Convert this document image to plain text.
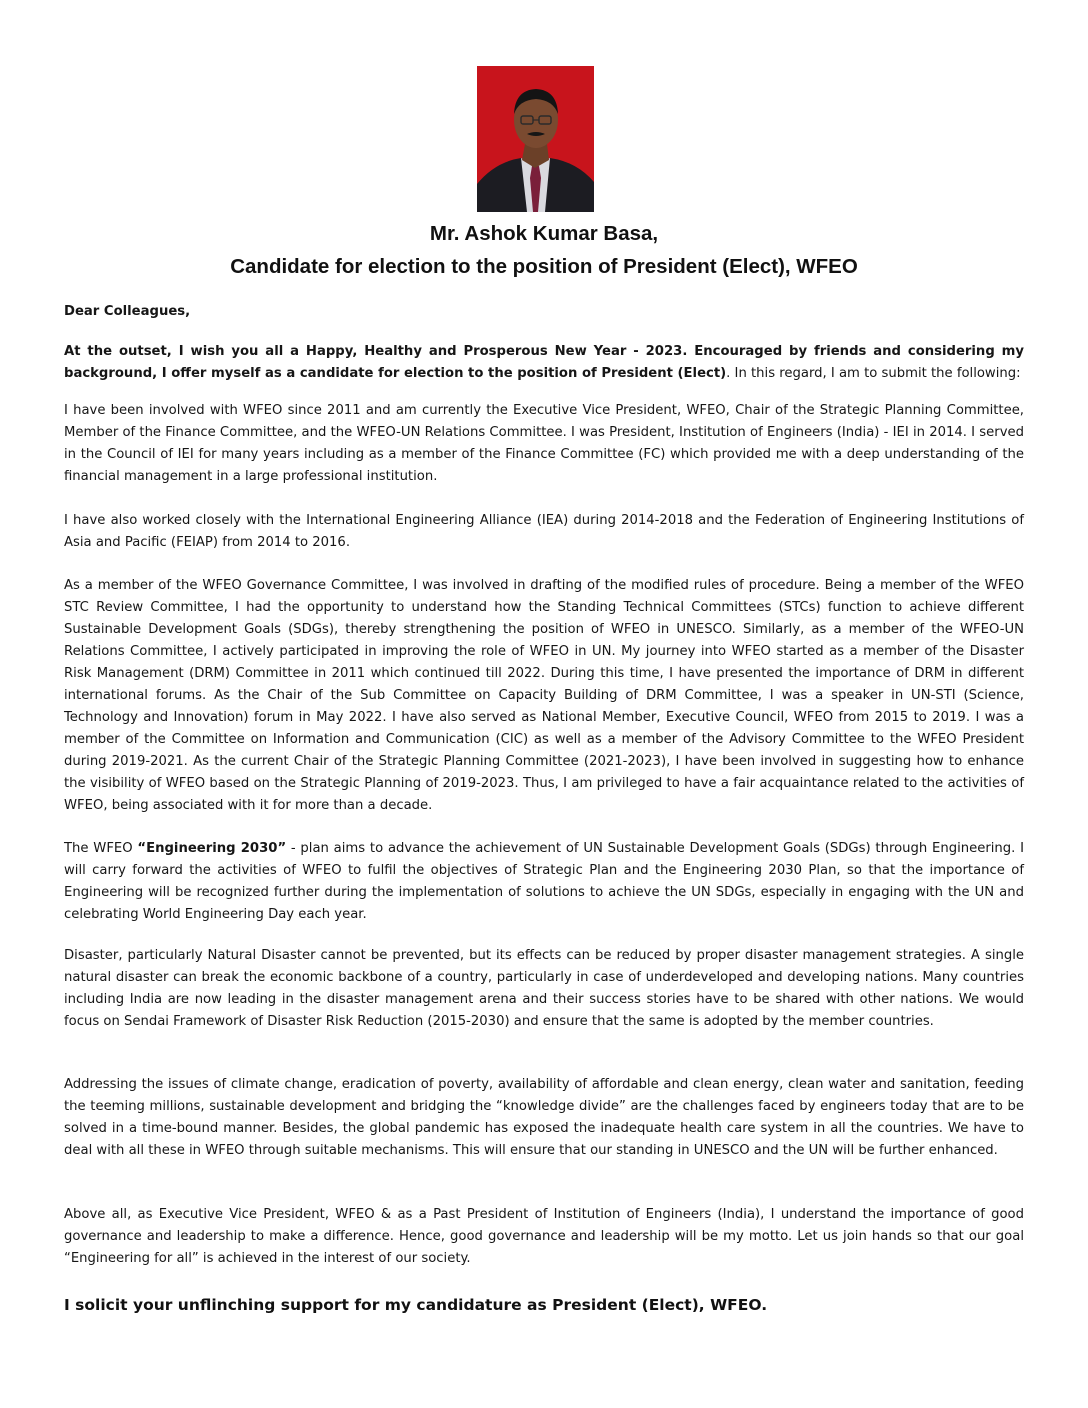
Mr. Ashok Kumar Basa,
Candidate for election to the position of President (Elect), WFEO
Dear Colleagues,
At the outset, I wish you all a Happy, Healthy and Prosperous New Year - 2023. Encouraged by friends and considering my background, I offer myself as a candidate for election to the position of President (Elect). In this regard, I am to submit the following:
I have been involved with WFEO since 2011 and am currently the Executive Vice President, WFEO, Chair of the Strategic Planning Committee, Member of the Finance Committee, and the WFEO-UN Relations Committee. I was President, Institution of Engineers (India) - IEI in 2014. I served in the Council of IEI for many years including as a member of the Finance Committee (FC) which provided me with a deep understanding of the financial management in a large professional institution.
I have also worked closely with the International Engineering Alliance (IEA) during 2014-2018 and the Federation of Engineering Institutions of Asia and Pacific (FEIAP) from 2014 to 2016.
As a member of the WFEO Governance Committee, I was involved in drafting of the modified rules of procedure. Being a member of the WFEO STC Review Committee, I had the opportunity to understand how the Standing Technical Committees (STCs) function to achieve different Sustainable Development Goals (SDGs), thereby strengthening the position of WFEO in UNESCO. Similarly, as a member of the WFEO-UN Relations Committee, I actively participated in improving the role of WFEO in UN. My journey into WFEO started as a member of the Disaster Risk Management (DRM) Committee in 2011 which continued till 2022. During this time, I have presented the importance of DRM in different international forums. As the Chair of the Sub Committee on Capacity Building of DRM Committee, I was a speaker in UN-STI (Science, Technology and Innovation) forum in May 2022. I have also served as National Member, Executive Council, WFEO from 2015 to 2019. I was a member of the Committee on Information and Communication (CIC) as well as a member of the Advisory Committee to the WFEO President during 2019-2021. As the current Chair of the Strategic Planning Committee (2021-2023), I have been involved in suggesting how to enhance the visibility of WFEO based on the Strategic Planning of 2019-2023. Thus, I am privileged to have a fair acquaintance related to the activities of WFEO, being associated with it for more than a decade.
The WFEO “Engineering 2030” - plan aims to advance the achievement of UN Sustainable Development Goals (SDGs) through Engineering. I will carry forward the activities of WFEO to fulfil the objectives of Strategic Plan and the Engineering 2030 Plan, so that the importance of Engineering will be recognized further during the implementation of solutions to achieve the UN SDGs, especially in engaging with the UN and celebrating World Engineering Day each year.
Disaster, particularly Natural Disaster cannot be prevented, but its effects can be reduced by proper disaster management strategies. A single natural disaster can break the economic backbone of a country, particularly in case of underdeveloped and developing nations. Many countries including India are now leading in the disaster management arena and their success stories have to be shared with other nations. We would focus on Sendai Framework of Disaster Risk Reduction (2015-2030) and ensure that the same is adopted by the member countries.
Addressing the issues of climate change, eradication of poverty, availability of affordable and clean energy, clean water and sanitation, feeding the teeming millions, sustainable development and bridging the “knowledge divide” are the challenges faced by engineers today that are to be solved in a time-bound manner. Besides, the global pandemic has exposed the inadequate health care system in all the countries. We have to deal with all these in WFEO through suitable mechanisms. This will ensure that our standing in UNESCO and the UN will be further enhanced.
Above all, as Executive Vice President, WFEO & as a Past President of Institution of Engineers (India), I understand the importance of good governance and leadership to make a difference. Hence, good governance and leadership will be my motto. Let us join hands so that our goal “Engineering for all” is achieved in the interest of our society.
I solicit your unflinching support for my candidature as President (Elect), WFEO.
